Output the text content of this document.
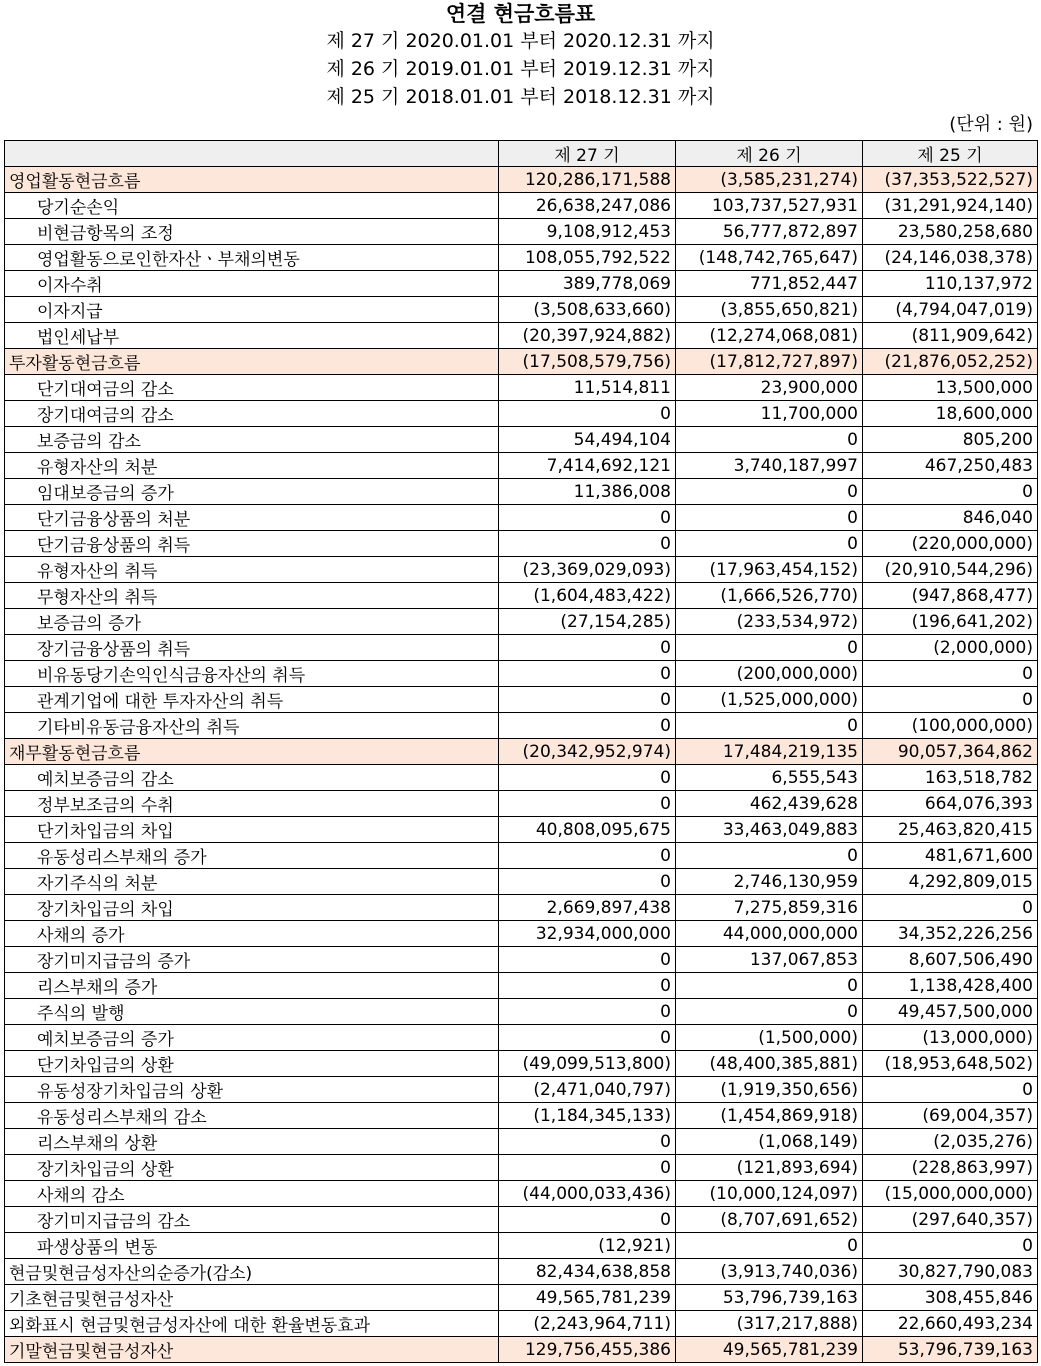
연결 현금흐름표
제 27 기 2020.01.01 부터 2020.12.31 까지
제 26 기 2019.01.01 부터 2019.12.31 까지
제 25 기 2018.01.01 부터 2018.12.31 까지
(단위 : 원)
	제 27 기	제 26 기	제 25 기
영업활동현금흐름	120,286,171,588	(3,585,231,274)	(37,353,522,527)
당기순손익	26,638,247,086	103,737,527,931	(31,291,924,140)
비현금항목의 조정	9,108,912,453	56,777,872,897	23,580,258,680
영업활동으로인한자산ㆍ부채의변동	108,055,792,522	(148,742,765,647)	(24,146,038,378)
이자수취	389,778,069	771,852,447	110,137,972
이자지급	(3,508,633,660)	(3,855,650,821)	(4,794,047,019)
법인세납부	(20,397,924,882)	(12,274,068,081)	(811,909,642)
투자활동현금흐름	(17,508,579,756)	(17,812,727,897)	(21,876,052,252)
단기대여금의 감소	11,514,811	23,900,000	13,500,000
장기대여금의 감소	0	11,700,000	18,600,000
보증금의 감소	54,494,104	0	805,200
유형자산의 처분	7,414,692,121	3,740,187,997	467,250,483
임대보증금의 증가	11,386,008	0	0
단기금융상품의 처분	0	0	846,040
단기금융상품의 취득	0	0	(220,000,000)
유형자산의 취득	(23,369,029,093)	(17,963,454,152)	(20,910,544,296)
무형자산의 취득	(1,604,483,422)	(1,666,526,770)	(947,868,477)
보증금의 증가	(27,154,285)	(233,534,972)	(196,641,202)
장기금융상품의 취득	0	0	(2,000,000)
비유동당기손익인식금융자산의 취득	0	(200,000,000)	0
관계기업에 대한 투자자산의 취득	0	(1,525,000,000)	0
기타비유동금융자산의 취득	0	0	(100,000,000)
재무활동현금흐름	(20,342,952,974)	17,484,219,135	90,057,364,862
예치보증금의 감소	0	6,555,543	163,518,782
정부보조금의 수취	0	462,439,628	664,076,393
단기차입금의 차입	40,808,095,675	33,463,049,883	25,463,820,415
유동성리스부채의 증가	0	0	481,671,600
자기주식의 처분	0	2,746,130,959	4,292,809,015
장기차입금의 차입	2,669,897,438	7,275,859,316	0
사채의 증가	32,934,000,000	44,000,000,000	34,352,226,256
장기미지급금의 증가	0	137,067,853	8,607,506,490
리스부채의 증가	0	0	1,138,428,400
주식의 발행	0	0	49,457,500,000
예치보증금의 증가	0	(1,500,000)	(13,000,000)
단기차입금의 상환	(49,099,513,800)	(48,400,385,881)	(18,953,648,502)
유동성장기차입금의 상환	(2,471,040,797)	(1,919,350,656)	0
유동성리스부채의 감소	(1,184,345,133)	(1,454,869,918)	(69,004,357)
리스부채의 상환	0	(1,068,149)	(2,035,276)
장기차입금의 상환	0	(121,893,694)	(228,863,997)
사채의 감소	(44,000,033,436)	(10,000,124,097)	(15,000,000,000)
장기미지급금의 감소	0	(8,707,691,652)	(297,640,357)
파생상품의 변동	(12,921)	0	0
현금및현금성자산의순증가(감소)	82,434,638,858	(3,913,740,036)	30,827,790,083
기초현금및현금성자산	49,565,781,239	53,796,739,163	308,455,846
외화표시 현금및현금성자산에 대한 환율변동효과	(2,243,964,711)	(317,217,888)	22,660,493,234
기말현금및현금성자산	129,756,455,386	49,565,781,239	53,796,739,163
